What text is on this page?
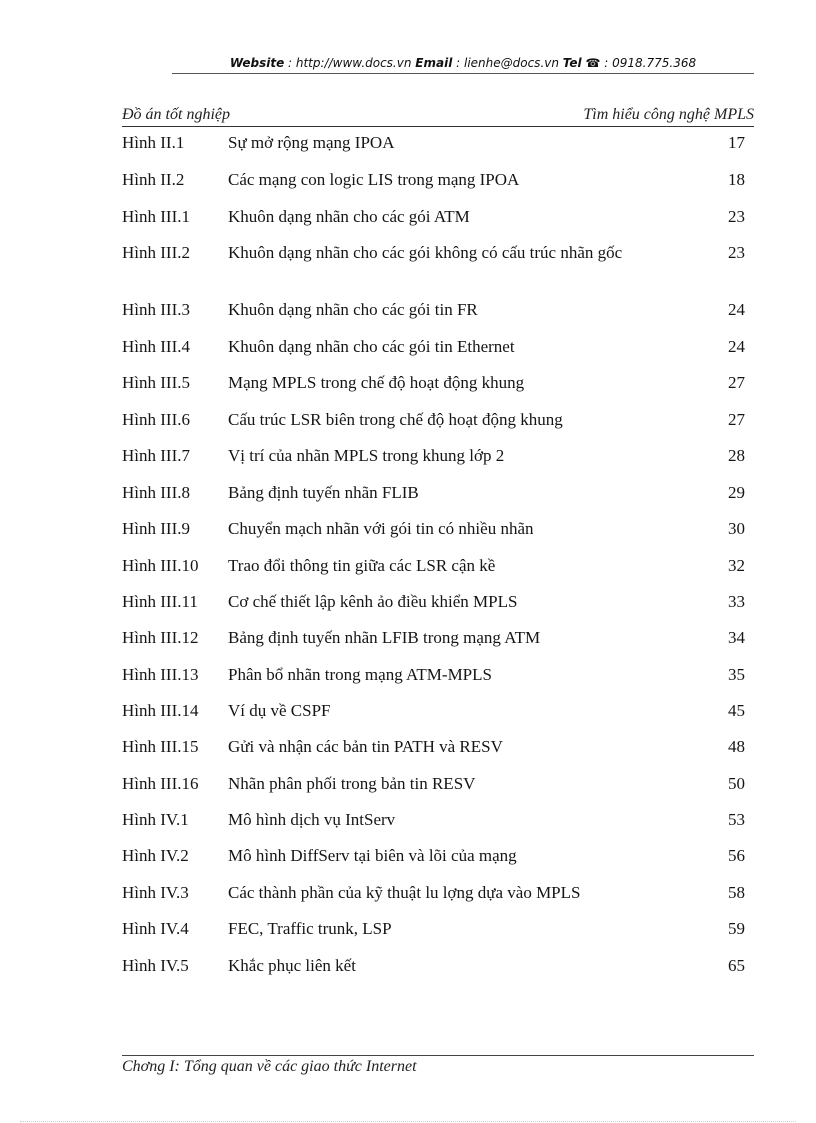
Website : http://www.docs.vn Email : lienhe@docs.vn Tel ☎ : 0918.775.368
Đồ án tốt nghiệp	Tìm hiểu công nghệ MPLS
Hình II.1	Sự mở rộng mạng IPOA	17
Hình II.2	Các mạng con logic LIS trong mạng IPOA	18
Hình III.1	Khuôn dạng nhãn cho các gói ATM	23
Hình III.2	Khuôn dạng nhãn cho các gói không có cấu trúc nhãn gốc	23
Hình III.3	Khuôn dạng nhãn cho các gói tin FR	24
Hình III.4	Khuôn dạng nhãn cho các gói tin Ethernet	24
Hình III.5	Mạng MPLS trong chế độ hoạt động khung	27
Hình III.6	Cấu trúc LSR biên trong chế độ hoạt động khung	27
Hình III.7	Vị trí của nhãn MPLS trong khung lớp 2	28
Hình III.8	Bảng định tuyến nhãn FLIB	29
Hình III.9	Chuyển mạch nhãn với gói tin có nhiều nhãn	30
Hình III.10	Trao đổi thông tin giữa các LSR cận kề	32
Hình III.11	Cơ chế thiết lập kênh ảo điều khiển MPLS	33
Hình III.12	Bảng định tuyến nhãn LFIB trong mạng ATM	34
Hình III.13	Phân bổ nhãn trong mạng ATM-MPLS	35
Hình III.14	Ví dụ về CSPF	45
Hình III.15	Gửi và nhận các bản tin PATH và RESV	48
Hình III.16	Nhãn phân phối trong bản tin RESV	50
Hình IV.1	Mô hình dịch vụ IntServ	53
Hình IV.2	Mô hình DiffServ tại biên và lõi của mạng	56
Hình IV.3	Các thành phần của kỹ thuật lu lợng dựa vào MPLS	58
Hình IV.4	FEC, Traffic trunk, LSP	59
Hình IV.5	Khắc phục liên kết	65
Chơng I: Tổng quan về các giao thức Internet
